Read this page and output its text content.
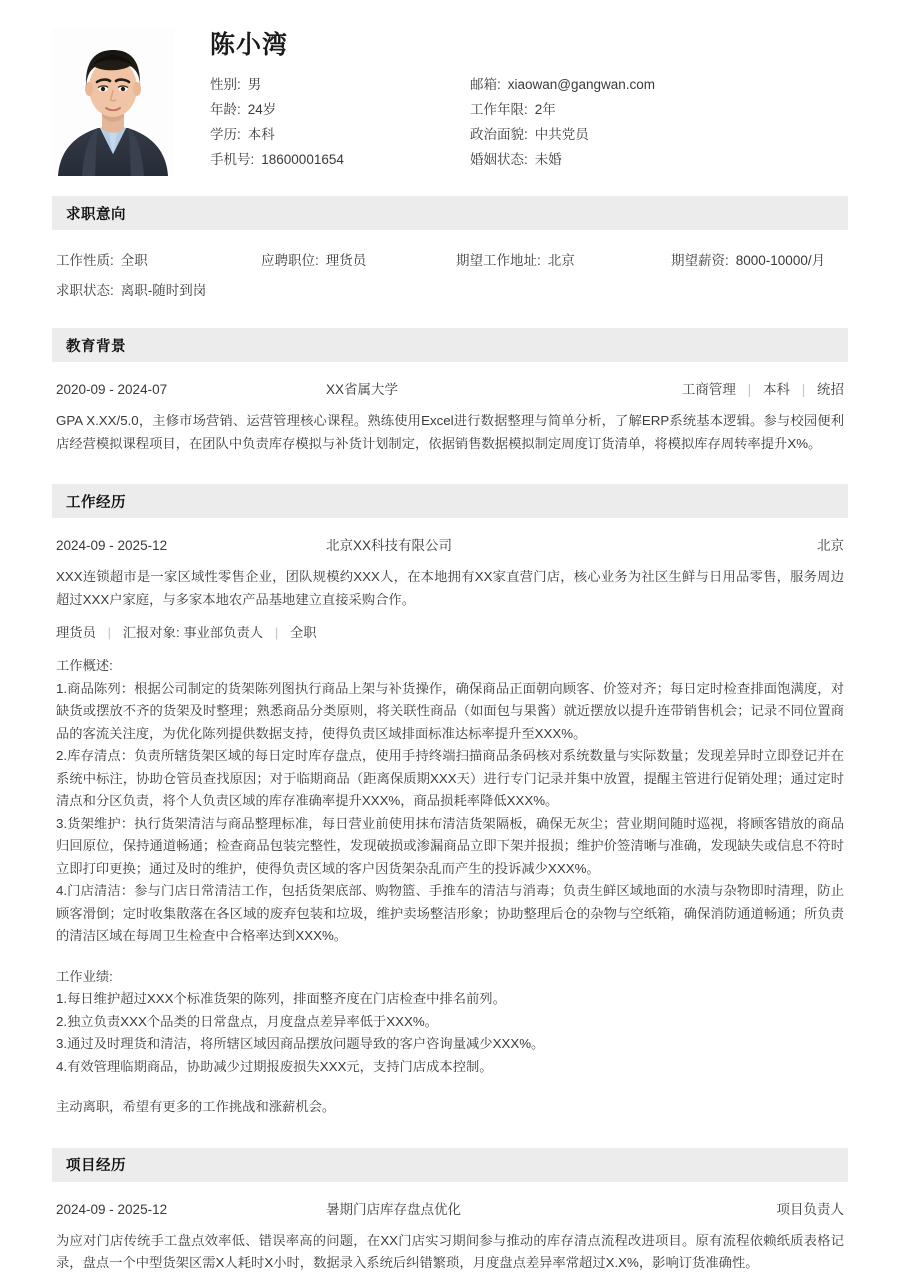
陈小湾
性别: 男
年龄: 24岁
学历: 本科
手机号: 18600001654
邮箱: xiaowan@gangwan.com
工作年限: 2年
政治面貌: 中共党员
婚姻状态: 未婚
求职意向
工作性质: 全职	应聘职位: 理货员	期望工作地址: 北京	期望薪资: 8000-10000/月
求职状态: 离职-随时到岗
教育背景
2020-09 - 2024-07	XX省属大学	工商管理 | 本科 | 统招

GPA X.XX/5.0，主修市场营销、运营管理核心课程。熟练使用Excel进行数据整理与简单分析，了解ERP系统基本逻辑。参与校园便利店经营模拟课程项目，在团队中负责库存模拟与补货计划制定，依据销售数据模拟制定周度订货清单，将模拟库存周转率提升X%。

工作经历
2024-09 - 2025-12	北京XX科技有限公司	北京

XXX连锁超市是一家区域性零售企业，团队规模约XXX人，在本地拥有XX家直营门店，核心业务为社区生鲜与日用品零售，服务周边超过XXX户家庭，与多家本地农产品基地建立直接采购合作。

理货员 | 汇报对象: 事业部负责人 | 全职

工作概述:

1.商品陈列：根据公司制定的货架陈列图执行商品上架与补货操作，确保商品正面朝向顾客、价签对齐；每日定时检查排面饱满度，对缺货或摆放不齐的货架及时整理；熟悉商品分类原则，将关联性商品（如面包与果酱）就近摆放以提升连带销售机会；记录不同位置商品的客流关注度，为优化陈列提供数据支持，使得负责区域排面标准达标率提升至XXX%。

2.库存清点：负责所辖货架区域的每日定时库存盘点，使用手持终端扫描商品条码核对系统数量与实际数量；发现差异时立即登记并在系统中标注，协助仓管员查找原因；对于临期商品（距离保质期XXX天）进行专门记录并集中放置，提醒主管进行促销处理；通过定时清点和分区负责，将个人负责区域的库存准确率提升XXX%，商品损耗率降低XXX%。

3.货架维护：执行货架清洁与商品整理标准，每日营业前使用抹布清洁货架隔板，确保无灰尘；营业期间随时巡视，将顾客错放的商品归回原位，保持通道畅通；检查商品包装完整性，发现破损或渗漏商品立即下架并报损；维护价签清晰与准确，发现缺失或信息不符时立即打印更换；通过及时的维护，使得负责区域的客户因货架杂乱而产生的投诉减少XXX%。

4.门店清洁：参与门店日常清洁工作，包括货架底部、购物篮、手推车的清洁与消毒；负责生鲜区域地面的水渍与杂物即时清理，防止顾客滑倒；定时收集散落在各区域的废弃包装和垃圾，维护卖场整洁形象；协助整理后仓的杂物与空纸箱，确保消防通道畅通；所负责的清洁区域在每周卫生检查中合格率达到XXX%。

工作业绩:

1.每日维护超过XXX个标准货架的陈列，排面整齐度在门店检查中排名前列。

2.独立负责XXX个品类的日常盘点，月度盘点差异率低于XXX%。

3.通过及时理货和清洁，将所辖区域因商品摆放问题导致的客户咨询量减少XXX%。

4.有效管理临期商品，协助减少过期报废损失XXX元，支持门店成本控制。

主动离职，希望有更多的工作挑战和涨薪机会。

项目经历
2024-09 - 2025-12	暑期门店库存盘点优化	项目负责人

为应对门店传统手工盘点效率低、错误率高的问题，在XX门店实习期间参与推动的库存清点流程改进项目。原有流程依赖纸质表格记录，盘点一个中型货架区需X人耗时X小时，数据录入系统后纠错繁琐，月度盘点差异率常超过X.X%，影响订货准确性。
